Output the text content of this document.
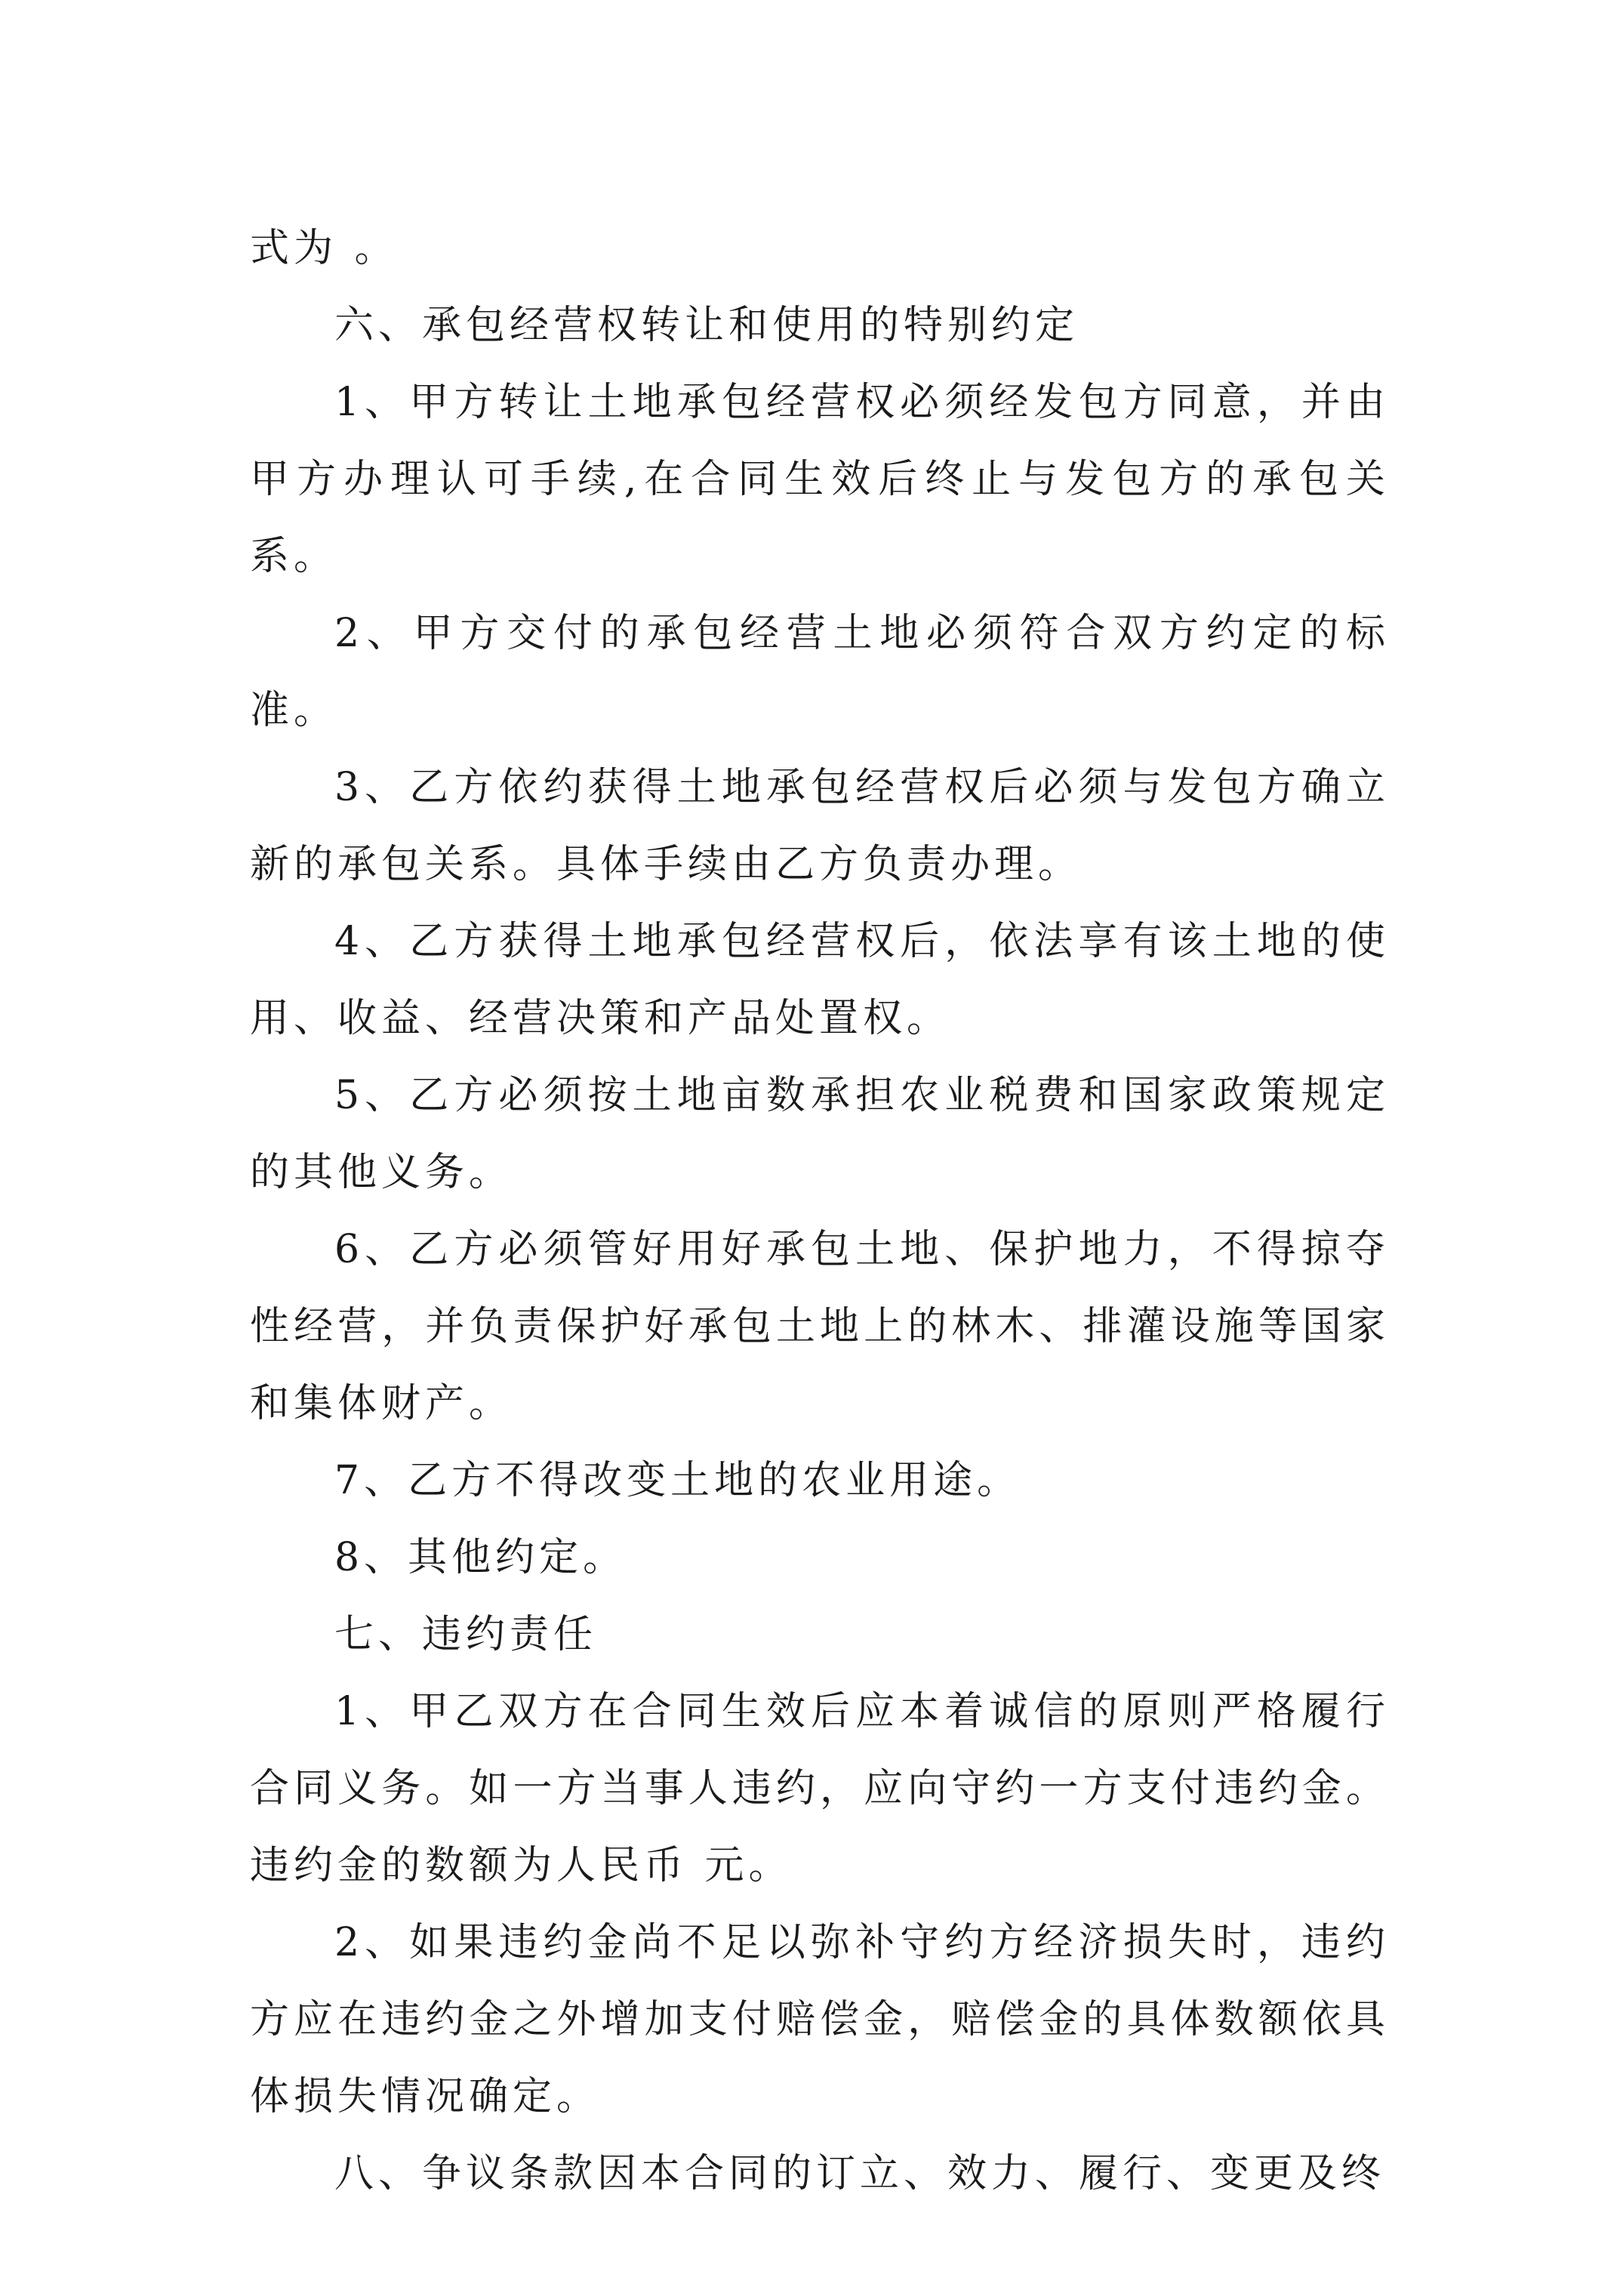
式为 。

六、承包经营权转让和使用的特别约定

1、甲方转让土地承包经营权必须经发包方同意，并由甲方办理认可手续,在合同生效后终止与发包方的承包关系。

2、甲方交付的承包经营土地必须符合双方约定的标准。

3、乙方依约获得土地承包经营权后必须与发包方确立新的承包关系。具体手续由乙方负责办理。

4、乙方获得土地承包经营权后，依法享有该土地的使用、收益、经营决策和产品处置权。

5、乙方必须按土地亩数承担农业税费和国家政策规定的其他义务。

6、乙方必须管好用好承包土地、保护地力，不得掠夺性经营，并负责保护好承包土地上的林木、排灌设施等国家和集体财产。

7、乙方不得改变土地的农业用途。

8、其他约定。

七、违约责任

1、甲乙双方在合同生效后应本着诚信的原则严格履行合同义务。如一方当事人违约，应向守约一方支付违约金。违约金的数额为人民币 元。

2、如果违约金尚不足以弥补守约方经济损失时，违约方应在违约金之外增加支付赔偿金，赔偿金的具体数额依具体损失情况确定。

八、争议条款因本合同的订立、效力、履行、变更及终
